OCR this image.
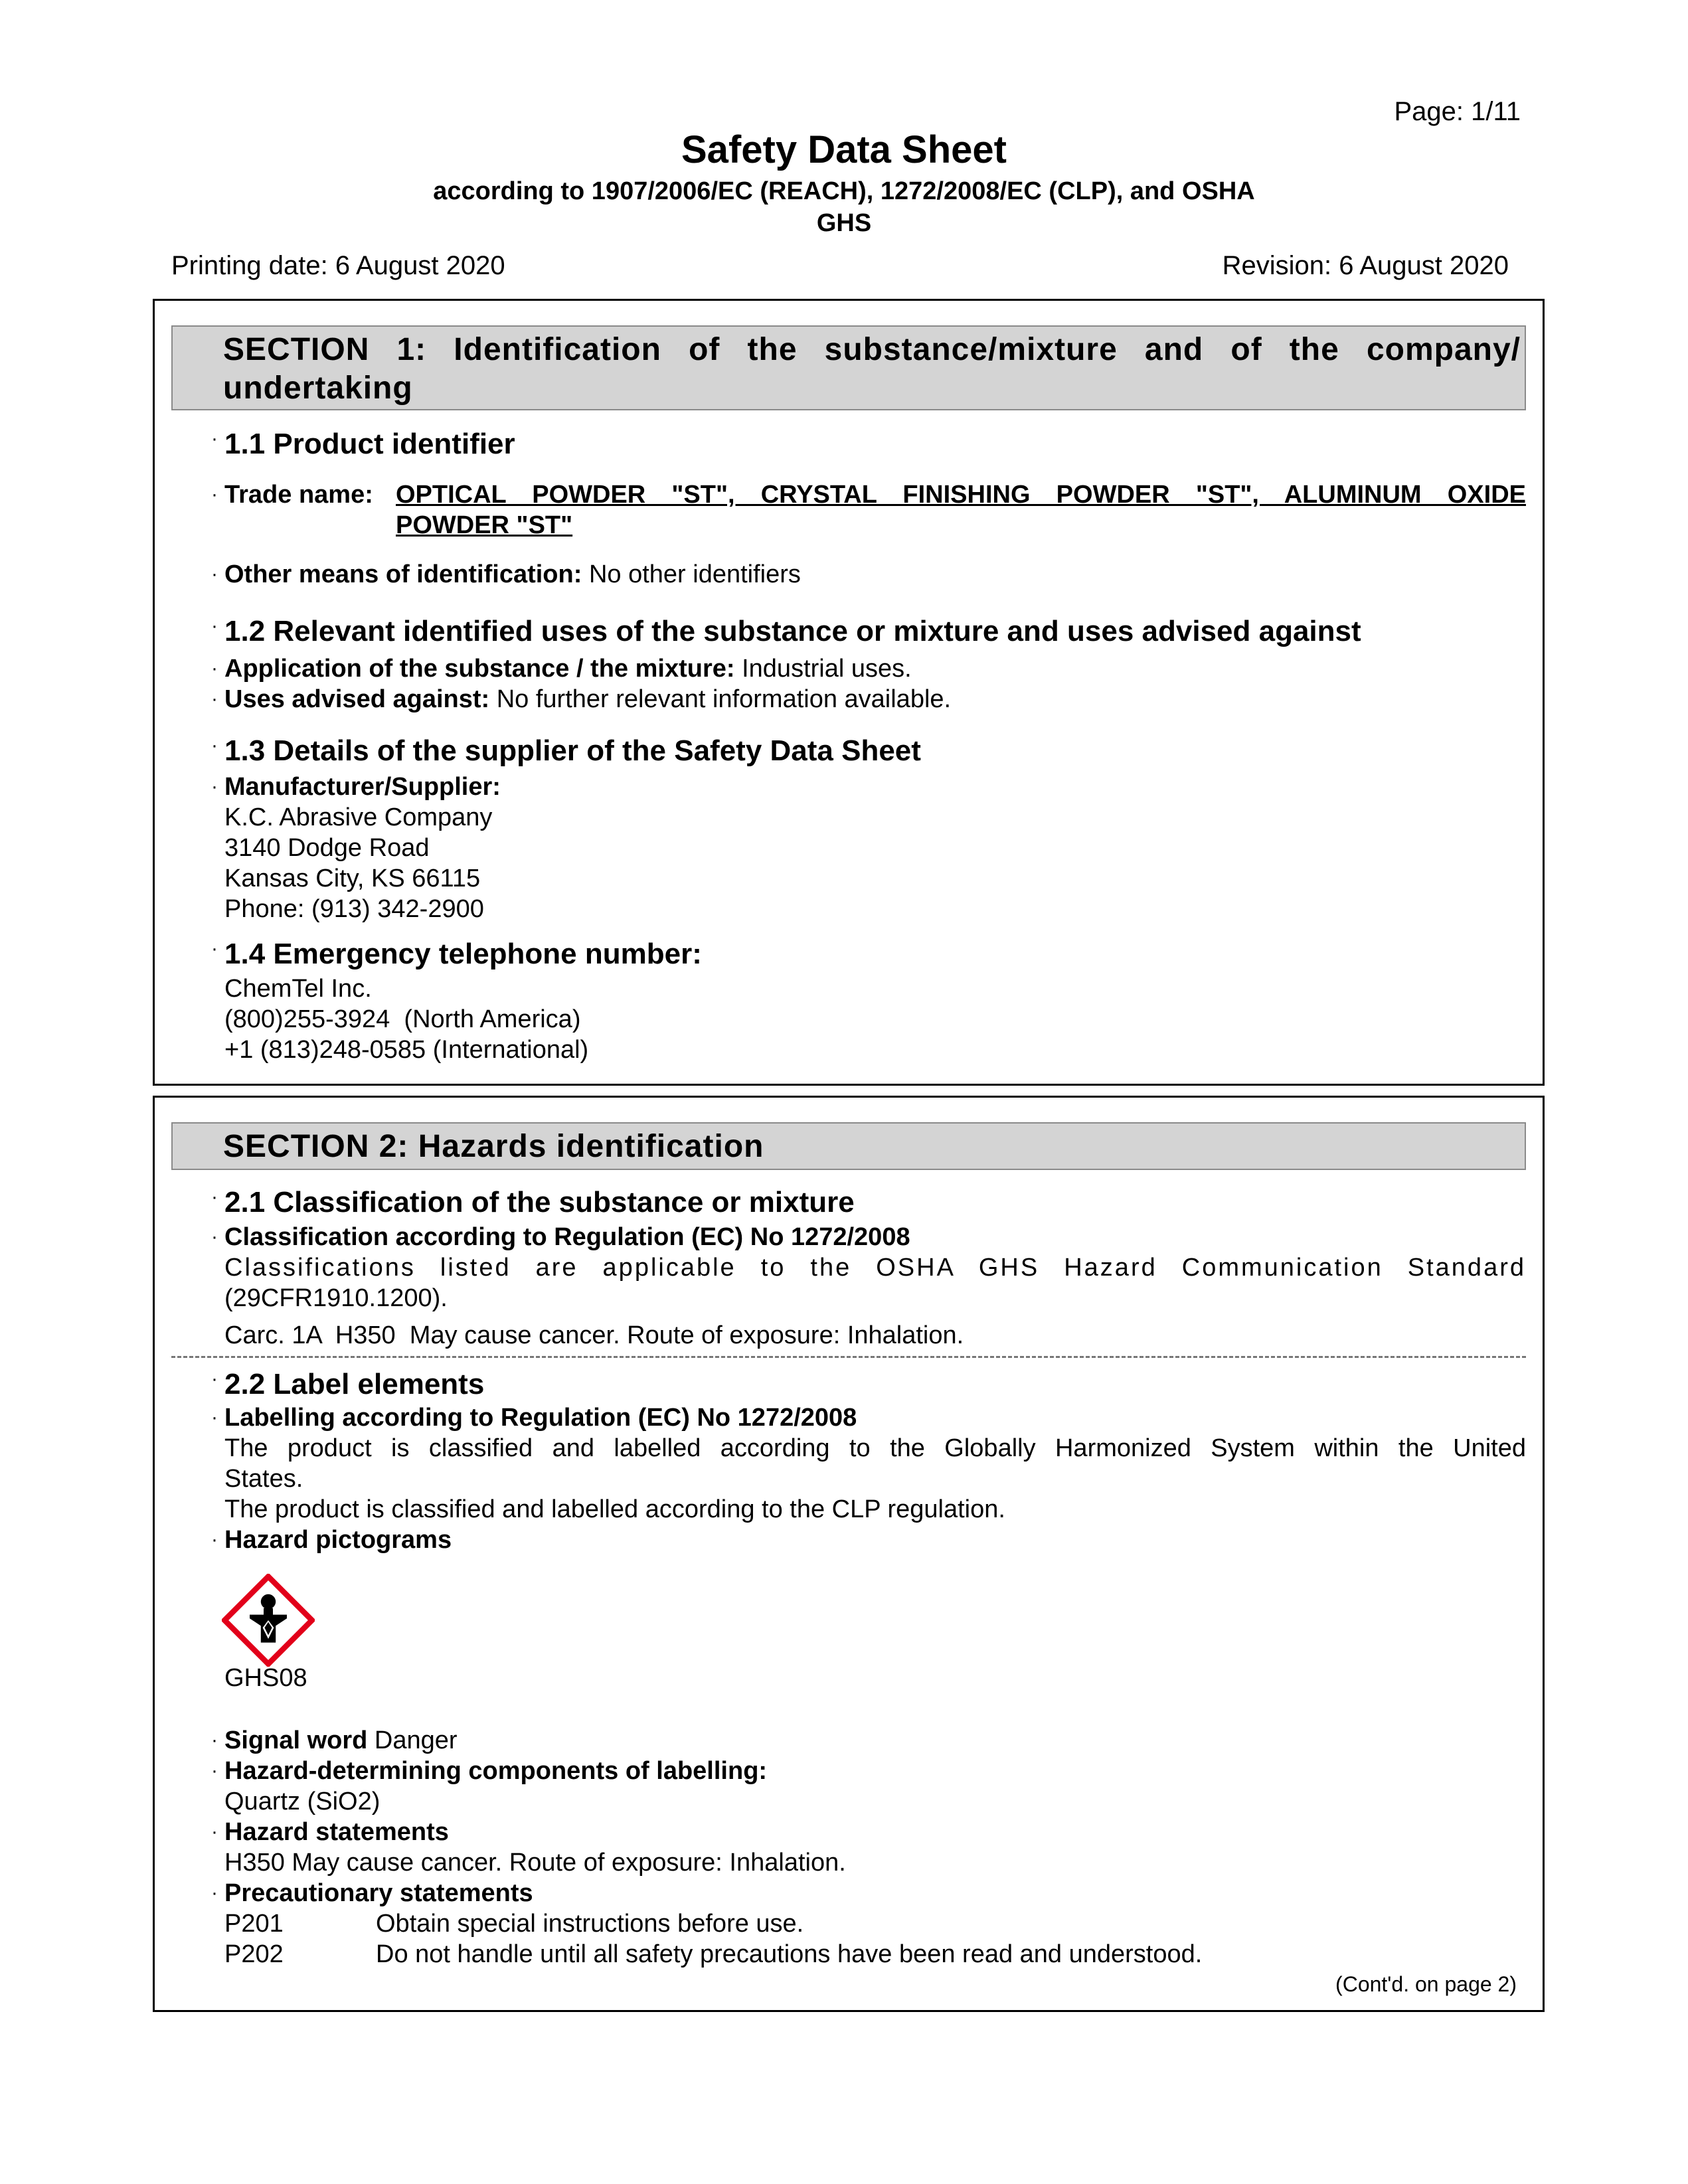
Page: 1/11
Safety Data Sheet
according to 1907/2006/EC (REACH), 1272/2008/EC (CLP), and OSHA
GHS
Printing date: 6 August 2020	Revision: 6 August 2020
SECTION 1: Identification of the substance/mixture and of the company/
undertaking
· 1.1 Product identifier
· Trade name: OPTICAL POWDER "ST", CRYSTAL FINISHING POWDER "ST", ALUMINUM OXIDE
POWDER "ST"
· Other means of identification: No other identifiers
· 1.2 Relevant identified uses of the substance or mixture and uses advised against
· Application of the substance / the mixture: Industrial uses.
· Uses advised against: No further relevant information available.
· 1.3 Details of the supplier of the Safety Data Sheet
· Manufacturer/Supplier:
K.C. Abrasive Company
3140 Dodge Road
Kansas City, KS 66115
Phone: (913) 342-2900
· 1.4 Emergency telephone number:
ChemTel Inc.
(800)255-3924  (North America)
+1 (813)248-0585 (International)
SECTION 2: Hazards identification
· 2.1 Classification of the substance or mixture
· Classification according to Regulation (EC) No 1272/2008
Classifications listed are applicable to the OSHA GHS Hazard Communication Standard
(29CFR1910.1200).
Carc. 1A  H350  May cause cancer. Route of exposure: Inhalation.
· 2.2 Label elements
· Labelling according to Regulation (EC) No 1272/2008
The product is classified and labelled according to the Globally Harmonized System within the United
States.
The product is classified and labelled according to the CLP regulation.
· Hazard pictograms
GHS08
· Signal word Danger
· Hazard-determining components of labelling:
Quartz (SiO2)
· Hazard statements
H350 May cause cancer. Route of exposure: Inhalation.
· Precautionary statements
P201	Obtain special instructions before use.
P202	Do not handle until all safety precautions have been read and understood.
(Cont'd. on page 2)
